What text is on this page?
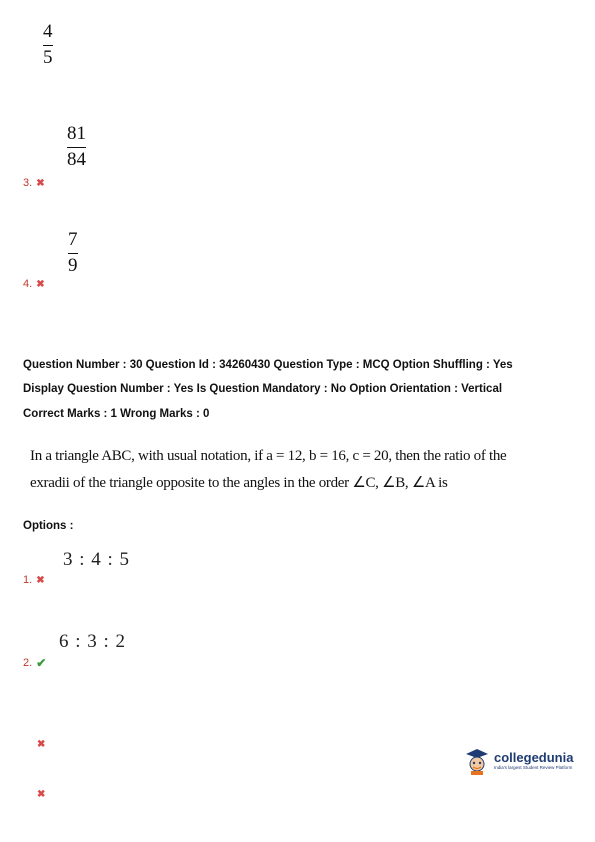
4
5
81
84
3. ✖
7
9
4. ✖
Question Number : 30 Question Id : 34260430 Question Type : MCQ Option Shuffling : Yes
Display Question Number : Yes Is Question Mandatory : No Option Orientation : Vertical
Correct Marks : 1 Wrong Marks : 0
In a triangle ABC, with usual notation, if a = 12, b = 16, c = 20, then the ratio of the
exradii of the triangle opposite to the angles in the order ∠C, ∠B, ∠A is
Options :
3 : 4 : 5
1. ✖
6 : 3 : 2
2. ✔
✖
✖
collegedunia
India's largest Student Review Platform
